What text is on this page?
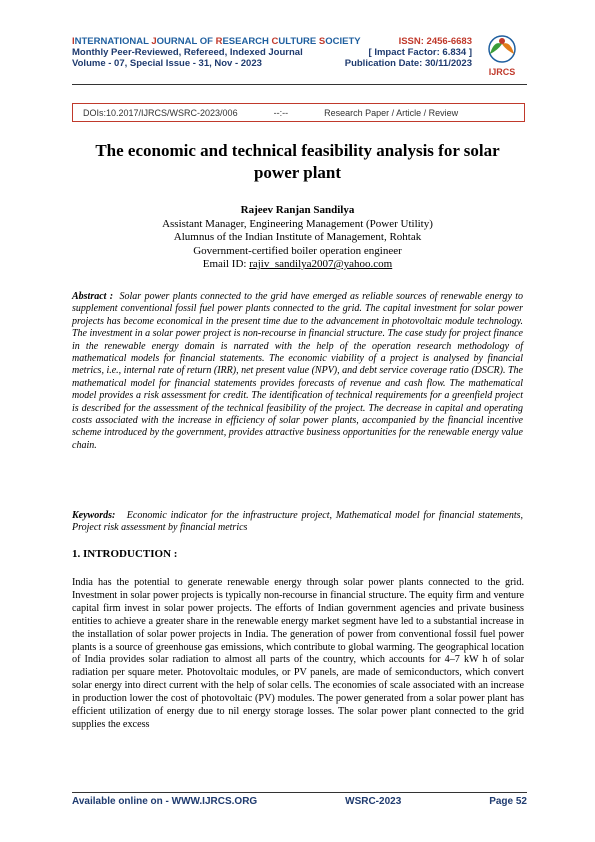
INTERNATIONAL JOURNAL OF RESEARCH CULTURE SOCIETY	ISSN: 2456-6683
Monthly Peer-Reviewed, Refereed, Indexed Journal	[ Impact Factor: 6.834 ]
Volume - 07, Special Issue - 31, Nov - 2023	Publication Date: 30/11/2023
IJRCS
DOIs:10.2017/IJRCS/WSRC-2023/006	--:--	Research Paper / Article / Review
The economic and technical feasibility analysis for solar power plant
Rajeev Ranjan Sandilya
Assistant Manager, Engineering Management (Power Utility)
Alumnus of the Indian Institute of Management, Rohtak
Government-certified boiler operation engineer
Email ID: rajiv_sandilya2007@yahoo.com
Abstract : Solar power plants connected to the grid have emerged as reliable sources of renewable energy to supplement conventional fossil fuel power plants connected to the grid. The capital investment for solar power projects has become economical in the present time due to the advancement in photovoltaic module technology. The investment in a solar power project is non-recourse in financial structure. The case study for project finance in the renewable energy domain is narrated with the help of the operation research methodology of mathematical models for financial statements. The economic viability of a project is analysed by financial metrics, i.e., internal rate of return (IRR), net present value (NPV), and debt service coverage ratio (DSCR). The mathematical model for financial statements provides forecasts of revenue and cash flow. The mathematical model provides a risk assessment for credit. The identification of technical requirements for a greenfield project is described for the assessment of the technical feasibility of the project. The decrease in capital and operating costs associated with the increase in efficiency of solar power plants, accompanied by the financial incentive scheme introduced by the government, provides attractive business opportunities for the renewable energy value chain.
Keywords: Economic indicator for the infrastructure project, Mathematical model for financial statements, Project risk assessment by financial metrics
1. INTRODUCTION :
India has the potential to generate renewable energy through solar power plants connected to the grid. Investment in solar power projects is typically non-recourse in financial structure. The equity firm and venture capital firm invest in solar power projects. The efforts of Indian government agencies and private business entities to achieve a greater share in the renewable energy market segment have led to a substantial increase in the installation of solar power projects in India. The generation of power from conventional fossil fuel power plants is a source of greenhouse gas emissions, which contribute to global warming. The geographical location of India provides solar radiation to almost all parts of the country, which accounts for 4–7 kW h of solar radiation per square meter. Photovoltaic modules, or PV panels, are made of semiconductors, which convert solar energy into direct current with the help of solar cells. The economies of scale associated with an increase in production lower the cost of photovoltaic (PV) modules. The power generated from a solar power plant has efficient utilization of energy due to nil energy storage losses. The solar power plant connected to the grid supplies the excess
Available online on - WWW.IJRCS.ORG	WSRC-2023	Page 52
